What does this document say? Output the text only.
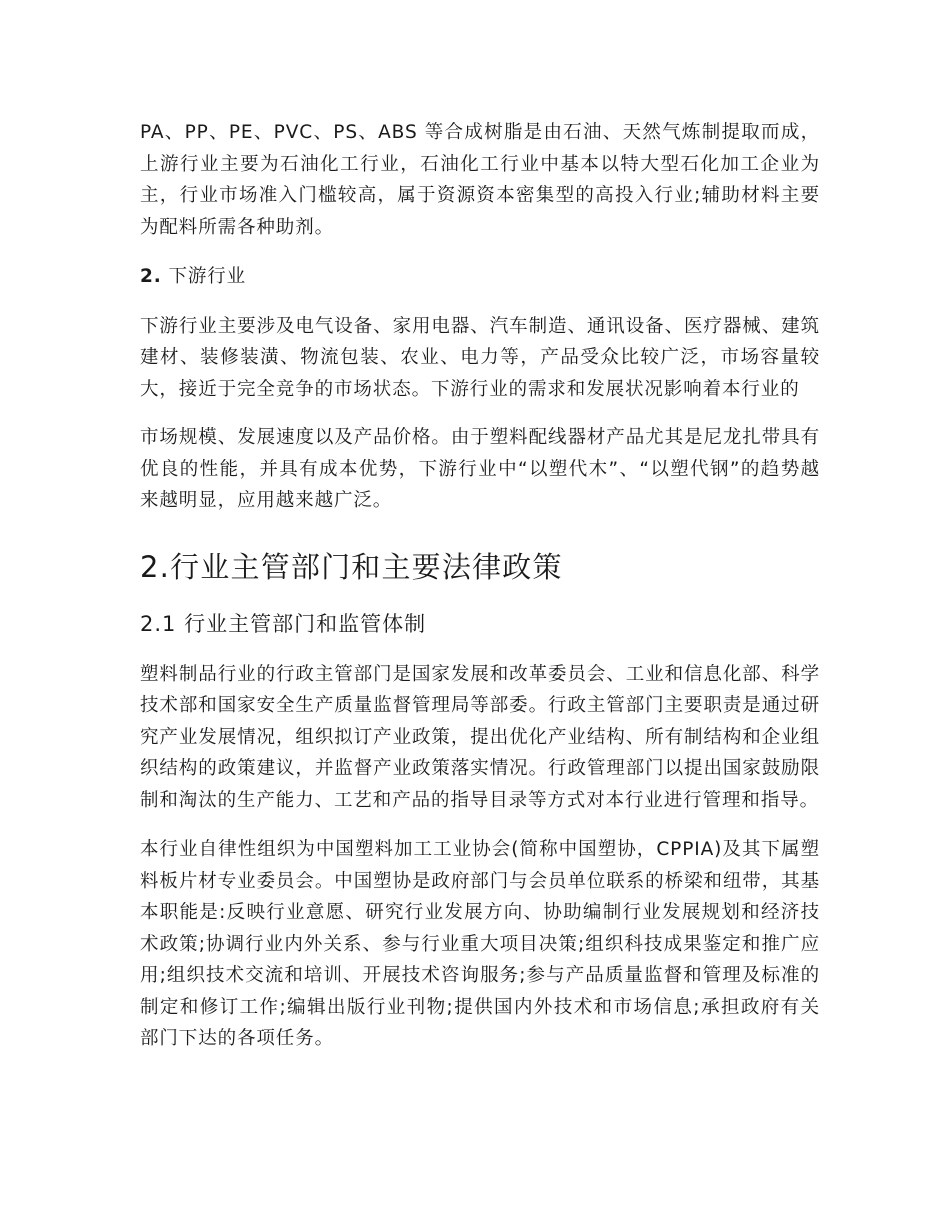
PA、PP、PE、PVC、PS、ABS 等合成树脂是由石油、天然气炼制提取而成，上游行业主要为石油化工行业，石油化工行业中基本以特大型石化加工企业为主，行业市场准入门槛较高，属于资源资本密集型的高投入行业;辅助材料主要为配料所需各种助剂。

2. 下游行业

下游行业主要涉及电气设备、家用电器、汽车制造、通讯设备、医疗器械、建筑建材、装修装潢、物流包装、农业、电力等，产品受众比较广泛，市场容量较大，接近于完全竞争的市场状态。下游行业的需求和发展状况影响着本行业的

市场规模、发展速度以及产品价格。由于塑料配线器材产品尤其是尼龙扎带具有优良的性能，并具有成本优势，下游行业中“以塑代木”、“以塑代钢”的趋势越来越明显，应用越来越广泛。

2.行业主管部门和主要法律政策
2.1 行业主管部门和监管体制

塑料制品行业的行政主管部门是国家发展和改革委员会、工业和信息化部、科学技术部和国家安全生产质量监督管理局等部委。行政主管部门主要职责是通过研究产业发展情况，组织拟订产业政策，提出优化产业结构、所有制结构和企业组织结构的政策建议，并监督产业政策落实情况。行政管理部门以提出国家鼓励限制和淘汰的生产能力、工艺和产品的指导目录等方式对本行业进行管理和指导。

本行业自律性组织为中国塑料加工工业协会(简称中国塑协，CPPIA)及其下属塑料板片材专业委员会。中国塑协是政府部门与会员单位联系的桥梁和纽带，其基本职能是:反映行业意愿、研究行业发展方向、协助编制行业发展规划和经济技术政策;协调行业内外关系、参与行业重大项目决策;组织科技成果鉴定和推广应用;组织技术交流和培训、开展技术咨询服务;参与产品质量监督和管理及标准的制定和修订工作;编辑出版行业刊物;提供国内外技术和市场信息;承担政府有关部门下达的各项任务。
